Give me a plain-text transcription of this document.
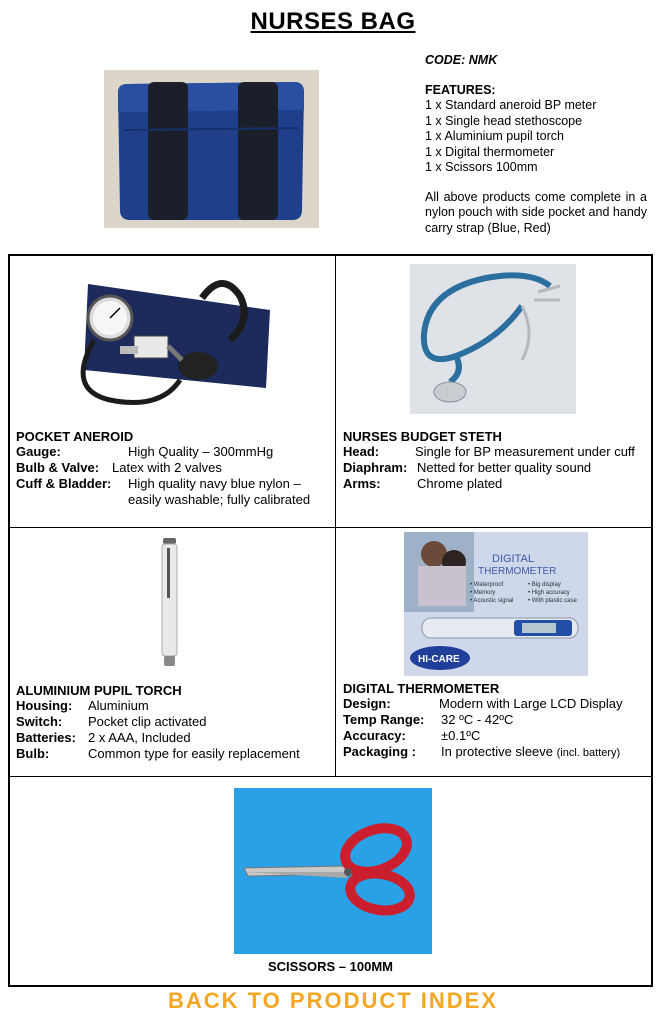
NURSES BAG
CODE: NMK
FEATURES:
1 x Standard aneroid BP meter
1 x Single head stethoscope
1 x Aluminium pupil torch
1 x Digital thermometer
1 x Scissors 100mm
All above products come complete in a nylon pouch with side pocket and handy carry strap (Blue, Red)
POCKET ANEROID
Gauge:	High Quality – 300mmHg
Bulb & Valve: Latex with 2 valves
Cuff & Bladder:	High quality navy blue nylon – easily washable; fully calibrated
NURSES BUDGET STETH
Head:	Single for BP measurement under cuff
Diaphram: Netted for better quality sound
Arms:	Chrome plated
ALUMINIUM PUPIL TORCH
Housing:	Aluminium
Switch:	Pocket clip activated
Batteries: 2 x AAA, Included
Bulb:	Common type for easily replacement
DIGITAL
THERMOMETER
• Waterproof
• Memory
• Acoustic signal
• Big display
• High accuracy
• With plastic case
HI-CARE
DIGITAL THERMOMETER
Design:	Modern with Large LCD Display
Temp Range:	32 ºC - 42ºC
Accuracy:	±0.1ºC
Packaging :	In protective sleeve (incl. battery)
SCISSORS – 100MM
BACK TO PRODUCT INDEX
